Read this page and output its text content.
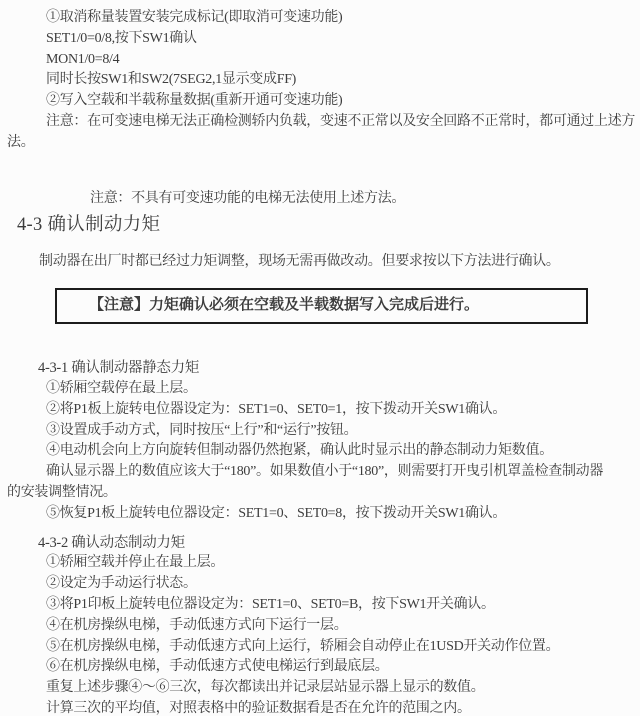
①取消称量装置安装完成标记(即取消可变速功能)
SET1/0=0/8,按下SW1确认
MON1/0=8/4
同时长按SW1和SW2(7SEG2,1显示变成FF)
②写入空载和半载称量数据(重新开通可变速功能)
注意：在可变速电梯无法正确检测轿内负载，变速不正常以及安全回路不正常时，都可通过上述方
法。
注意：不具有可变速功能的电梯无法使用上述方法。
4-3 确认制动力矩
制动器在出厂时都已经过力矩调整，现场无需再做改动。但要求按以下方法进行确认。
【注意】力矩确认必须在空载及半载数据写入完成后进行。
4-3-1 确认制动器静态力矩
①轿厢空载停在最上层。
②将P1板上旋转电位器设定为：SET1=0、SET0=1，按下拨动开关SW1确认。
③设置成手动方式，同时按压“上行”和“运行”按钮。
④电动机会向上方向旋转但制动器仍然抱紧，确认此时显示出的静态制动力矩数值。
确认显示器上的数值应该大于“180”。如果数值小于“180”，则需要打开曳引机罩盖检查制动器
的安装调整情况。
⑤恢复P1板上旋转电位器设定：SET1=0、SET0=8，按下拨动开关SW1确认。
4-3-2 确认动态制动力矩
①轿厢空载并停止在最上层。
②设定为手动运行状态。
③将P1印板上旋转电位器设定为：SET1=0、SET0=B，按下SW1开关确认。
④在机房操纵电梯，手动低速方式向下运行一层。
⑤在机房操纵电梯，手动低速方式向上运行，轿厢会自动停止在1USD开关动作位置。
⑥在机房操纵电梯，手动低速方式使电梯运行到最底层。
重复上述步骤④～⑥三次，每次都读出并记录层站显示器上显示的数值。
计算三次的平均值，对照表格中的验证数据看是否在允许的范围之内。
